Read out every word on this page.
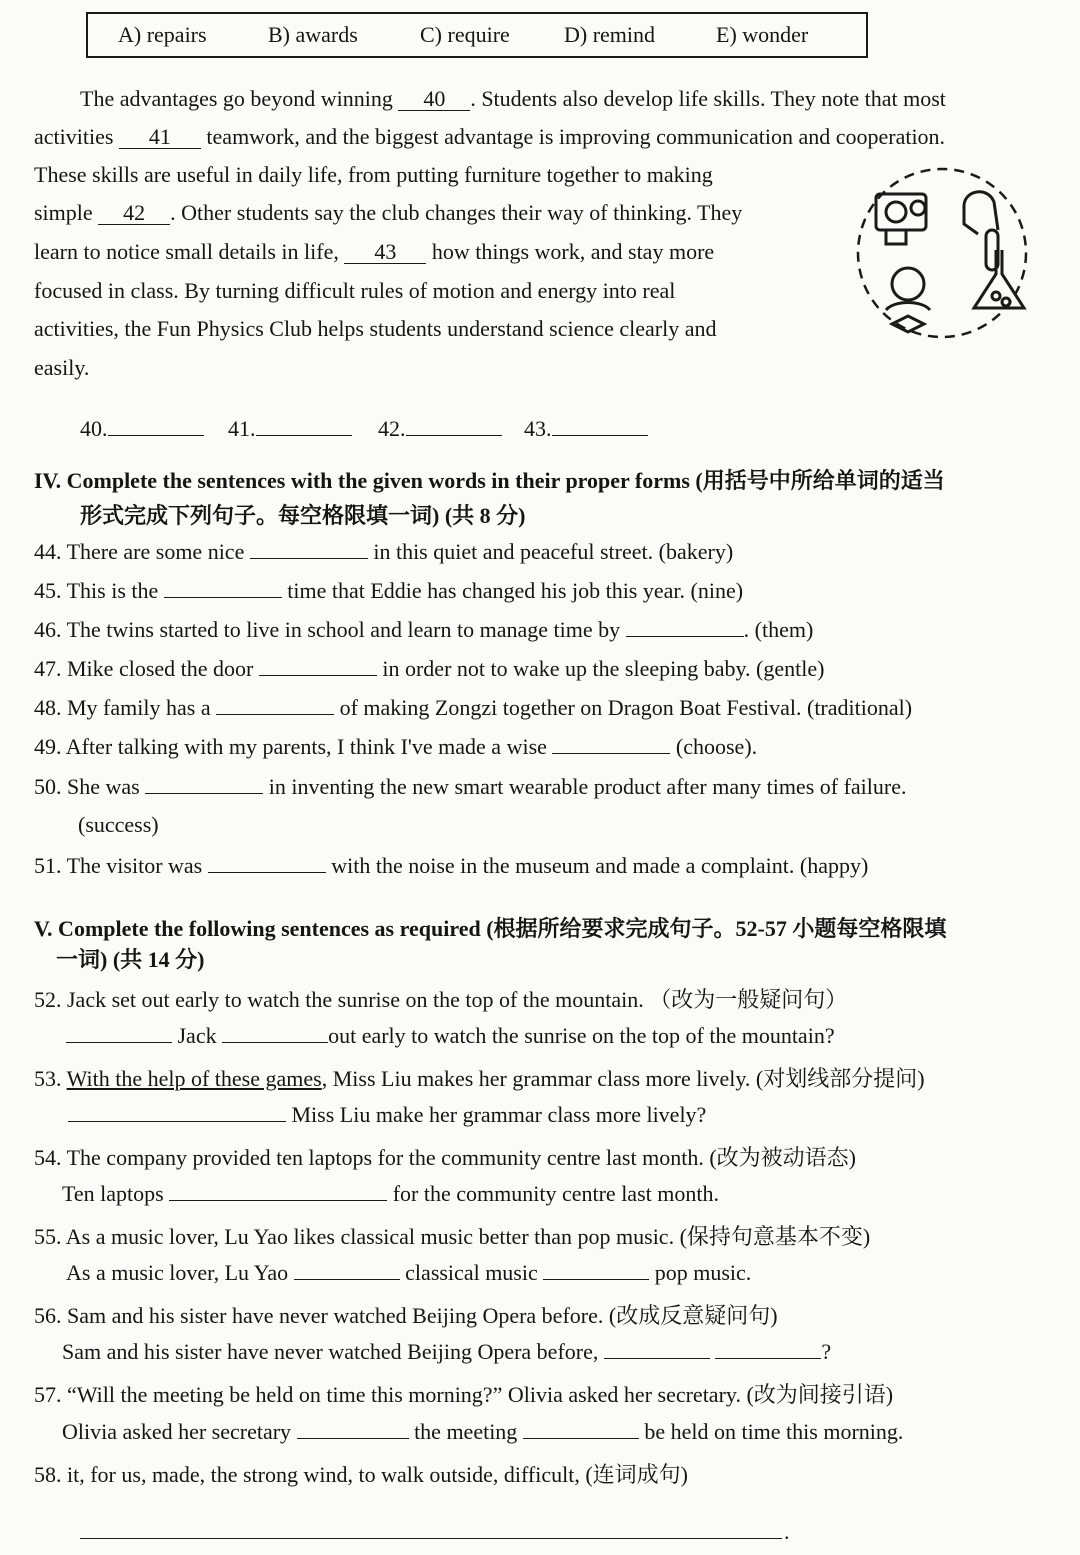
A) repairs	B) awards	C) require D) remind	E) wonder
The advantages go beyond winning 40 . Students also develop life skills. They note that most
activities 41 teamwork, and the biggest advantage is improving communication and cooperation.
These skills are useful in daily life, from putting furniture together to making
simple 42 . Other students say the club changes their way of thinking. They
learn to notice small details in life, 43 how things work, and stay more
focused in class. By turning difficult rules of motion and energy into real
activities, the Fun Physics Club helps students understand science clearly and
easily.
40.	41.	42.	43.
IV. Complete the sentences with the given words in their proper forms (用括号中所给单词的适当
形式完成下列句子。每空格限填一词) (共 8 分)
44. There are some nice	in this quiet and peaceful street. (bakery)
45. This is the	time that Eddie has changed his job this year. (nine)
46. The twins started to live in school and learn to manage time by	. (them)
47. Mike closed the door	in order not to wake up the sleeping baby. (gentle)
48. My family has a	of making Zongzi together on Dragon Boat Festival. (traditional)
49. After talking with my parents, I think I've made a wise	(choose).
50. She was	in inventing the new smart wearable product after many times of failure.
(success)
51. The visitor was	with the noise in the museum and made a complaint. (happy)
V. Complete the following sentences as required (根据所给要求完成句子。52-57 小题每空格限填
一词) (共 14 分)
52. Jack set out early to watch the sunrise on the top of the mountain. （改为一般疑问句）
Jack	out early to watch the sunrise on the top of the mountain?
53. With the help of these games, Miss Liu makes her grammar class more lively. (对划线部分提问)
Miss Liu make her grammar class more lively?
54. The company provided ten laptops for the community centre last month. (改为被动语态)
Ten laptops	for the community centre last month.
55. As a music lover, Lu Yao likes classical music better than pop music. (保持句意基本不变)
As a music lover, Lu Yao	classical music	pop music.
56. Sam and his sister have never watched Beijing Opera before. (改成反意疑问句)
Sam and his sister have never watched Beijing Opera before,	?
57. “Will the meeting be held on time this morning?” Olivia asked her secretary. (改为间接引语)
Olivia asked her secretary	the meeting	be held on time this morning.
58. it, for us, made, the strong wind, to walk outside, difficult, (连词成句)
.
